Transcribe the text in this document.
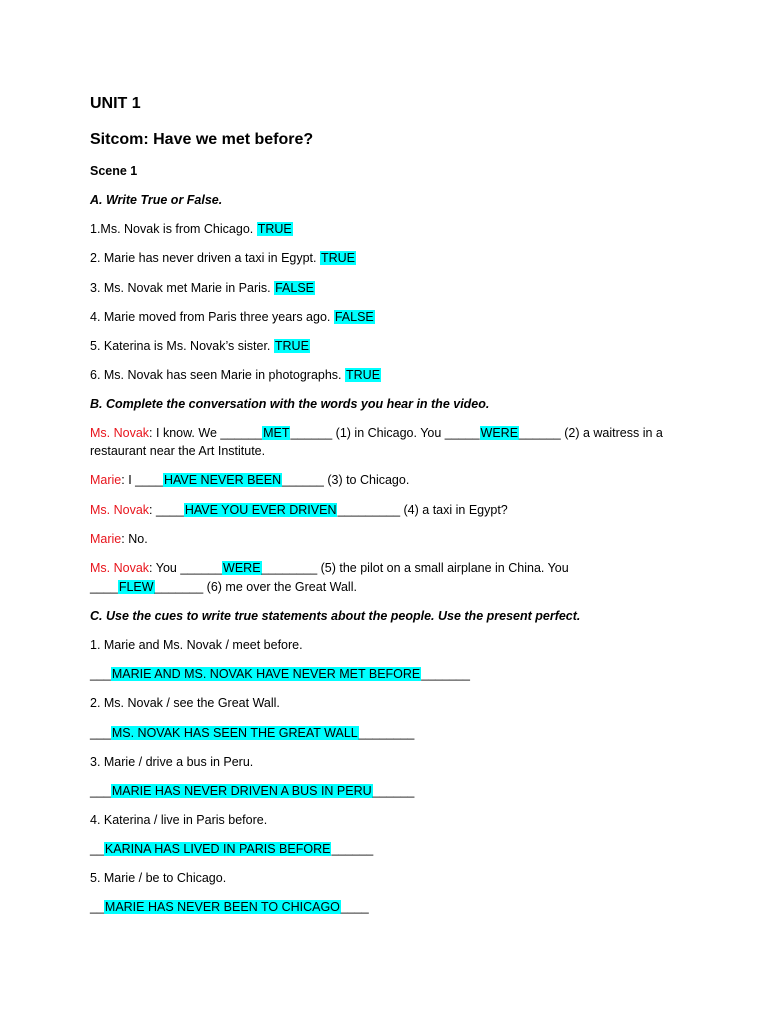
UNIT 1
Sitcom: Have we met before?
Scene 1
A. Write True or False.
1.Ms. Novak is from Chicago. TRUE
2. Marie has never driven a taxi in Egypt. TRUE
3. Ms. Novak met Marie in Paris. FALSE
4. Marie moved from Paris three years ago. FALSE
5. Katerina is Ms. Novak’s sister. TRUE
6. Ms. Novak has seen Marie in photographs. TRUE
B. Complete the conversation with the words you hear in the video.
Ms. Novak: I know. We ______MET______ (1) in Chicago. You _____WERE______ (2) a waitress in a
restaurant near the Art Institute.
Marie: I ____HAVE NEVER BEEN______ (3) to Chicago.
Ms. Novak: ____HAVE YOU EVER DRIVEN_________ (4) a taxi in Egypt?
Marie: No.
Ms. Novak: You ______WERE________ (5) the pilot on a small airplane in China. You
____FLEW_______ (6) me over the Great Wall.
C. Use the cues to write true statements about the people. Use the present perfect.
1. Marie and Ms. Novak / meet before.
___MARIE AND MS. NOVAK HAVE NEVER MET BEFORE_______
2. Ms. Novak / see the Great Wall.
___MS. NOVAK HAS SEEN THE GREAT WALL________
3. Marie / drive a bus in Peru.
___MARIE HAS NEVER DRIVEN A BUS IN PERU______
4. Katerina / live in Paris before.
__KARINA HAS LIVED IN PARIS BEFORE______
5. Marie / be to Chicago.
__MARIE HAS NEVER BEEN TO CHICAGO____
